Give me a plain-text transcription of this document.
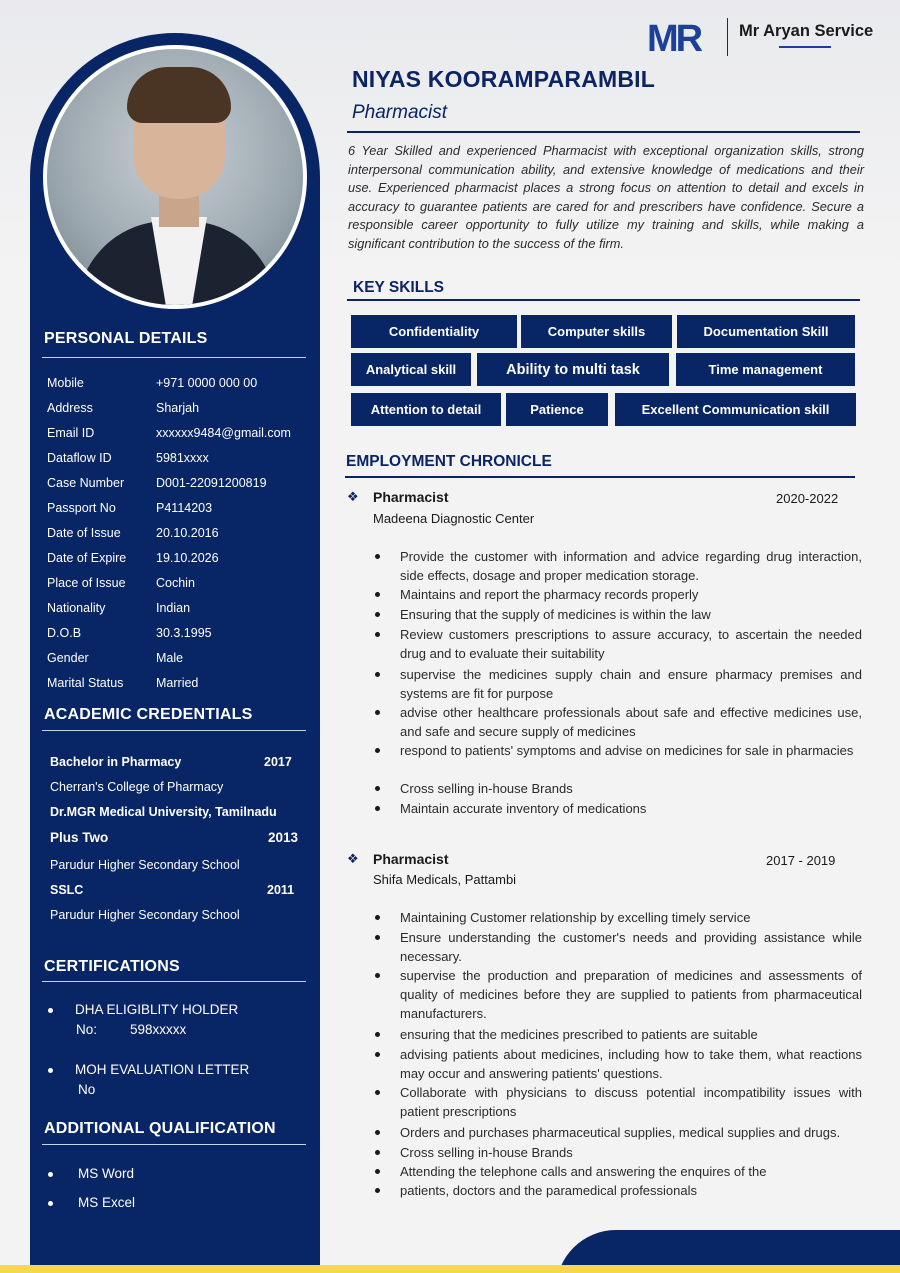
MR Mr Aryan Service
PERSONAL DETAILS
Mobile	+971 0000 000 00
Address	Sharjah
Email ID	xxxxxx9484@gmail.com
Dataflow ID	5981xxxx
Case Number	D001-22091200819
Passport No	P4114203
Date of Issue	20.10.2016
Date of Expire	19.10.2026
Place of Issue	Cochin
Nationality	Indian
D.O.B	30.3.1995
Gender	Male
Marital Status	Married
ACADEMIC CREDENTIALS
Bachelor in Pharmacy	2017
Cherran's College of Pharmacy
Dr.MGR Medical University, Tamilnadu
Plus Two	2013
Parudur Higher Secondary School
SSLC	2011
Parudur Higher Secondary School
CERTIFICATIONS
DHA ELIGIBLITY HOLDER
No: 598xxxxx
MOH EVALUATION LETTER
No
ADDITIONAL QUALIFICATION
MS Word
MS Excel
NIYAS KOORAMPARAMBIL
Pharmacist
6 Year Skilled and experienced Pharmacist with exceptional organization skills, strong interpersonal communication ability, and extensive knowledge of medications and their use. Experienced pharmacist places a strong focus on attention to detail and excels in accuracy to guarantee patients are cared for and prescribers have confidence. Secure a responsible career opportunity to fully utilize my training and skills, while making a significant contribution to the success of the firm.
KEY SKILLS
Confidentiality	Computer skills	Documentation Skill
Analytical skill	Ability to multi task	Time management
Attention to detail	Patience	Excellent Communication skill
EMPLOYMENT CHRONICLE
❖ Pharmacist	2020-2022
Madeena Diagnostic Center
Provide the customer with information and advice regarding drug interaction, side effects, dosage and proper medication storage.
Maintains and report the pharmacy records properly
Ensuring that the supply of medicines is within the law
Review customers prescriptions to assure accuracy, to ascertain the needed drug and to evaluate their suitability
supervise the medicines supply chain and ensure pharmacy premises and systems are fit for purpose
advise other healthcare professionals about safe and effective medicines use, and safe and secure supply of medicines
respond to patients' symptoms and advise on medicines for sale in pharmacies
Cross selling in-house Brands
Maintain accurate inventory of medications
❖ Pharmacist	2017 - 2019
Shifa Medicals, Pattambi
Maintaining Customer relationship by excelling timely service
Ensure understanding the customer's needs and providing assistance while necessary.
supervise the production and preparation of medicines and assessments of quality of medicines before they are supplied to patients from pharmaceutical manufacturers.
ensuring that the medicines prescribed to patients are suitable
advising patients about medicines, including how to take them, what reactions may occur and answering patients' questions.
Collaborate with physicians to discuss potential incompatibility issues with patient prescriptions
Orders and purchases pharmaceutical supplies, medical supplies and drugs.
Cross selling in-house Brands
Attending the telephone calls and answering the enquires of the
patients, doctors and the paramedical professionals
